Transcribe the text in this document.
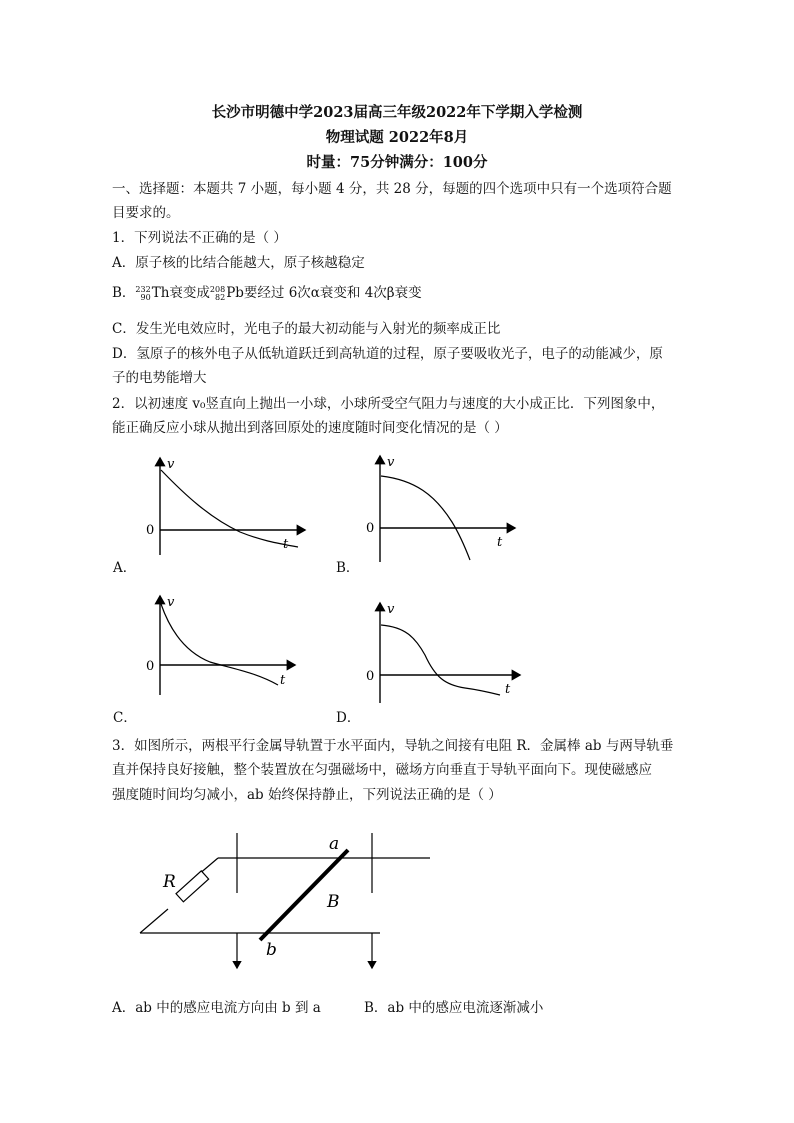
长沙市明德中学2023届高三年级2022年下学期入学检测
物理试题 2022年8月
时量：75分钟满分：100分
一、选择题：本题共 7 小题，每小题 4 分，共 28 分，每题的四个选项中只有一个选项符合题
目要求的。
1．下列说法不正确的是（ ）
A．原子核的比结合能越大，原子核越稳定
B．232
90Th衰变成208
82Pb要经过 6次α衰变和 4次β衰变
C．发生光电效应时，光电子的最大初动能与入射光的频率成正比
D．氢原子的核外电子从低轨道跃迁到高轨道的过程，原子要吸收光子，电子的动能减少，原
子的电势能增大
2．以初速度 v₀竖直向上抛出一小球，小球所受空气阻力与速度的大小成正比．下列图象中，
能正确反应小球从抛出到落回原处的速度随时间变化情况的是（ ）
v
0
t
A．
v
0
t
B．
v
0
t
C．
v
0
t
D．
3．如图所示，两根平行金属导轨置于水平面内，导轨之间接有电阻 R．金属棒 ab 与两导轨垂
直并保持良好接触，整个装置放在匀强磁场中，磁场方向垂直于导轨平面向下。现使磁感应
强度随时间均匀减小，ab 始终保持静止，下列说法正确的是（ ）
R
a
b
B
A．ab 中的感应电流方向由 b 到 a	B．ab 中的感应电流逐渐减小
